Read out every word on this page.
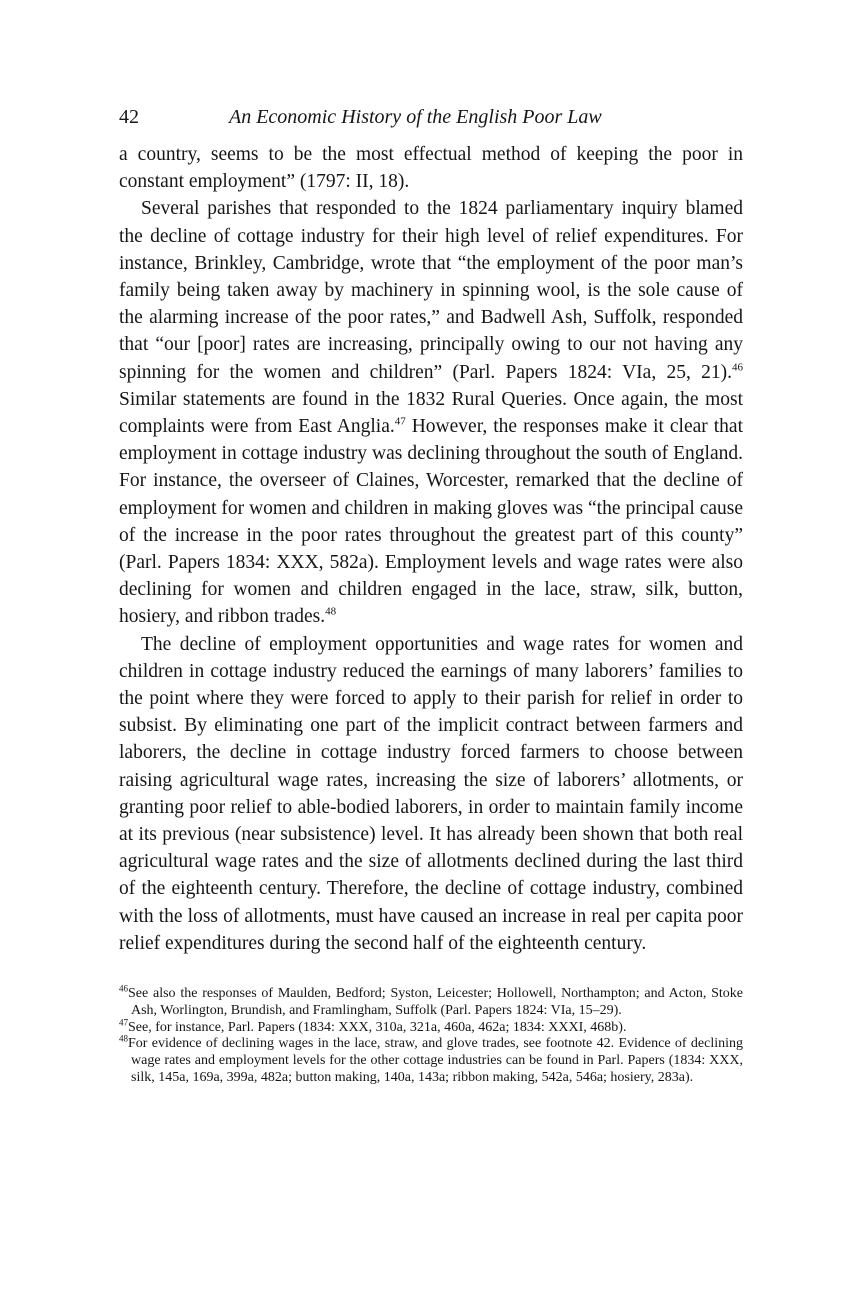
42	An Economic History of the English Poor Law

a country, seems to be the most effectual method of keeping the poor in constant employment” (1797: II, 18).

Several parishes that responded to the 1824 parliamentary inquiry blamed the decline of cottage industry for their high level of relief expenditures. For instance, Brinkley, Cambridge, wrote that “the employment of the poor man’s family being taken away by machinery in spinning wool, is the sole cause of the alarming increase of the poor rates,” and Badwell Ash, Suffolk, responded that “our [poor] rates are increasing, principally owing to our not having any spinning for the women and children” (Parl. Papers 1824: VIa, 25, 21).$^{46}$ Similar statements are found in the 1832 Rural Queries. Once again, the most complaints were from East Anglia.$^{47}$ However, the responses make it clear that employment in cottage industry was declining throughout the south of England. For instance, the overseer of Claines, Worcester, remarked that the decline of employment for women and children in making gloves was “the principal cause of the increase in the poor rates throughout the greatest part of this county” (Parl. Papers 1834: XXX, 582a). Employment levels and wage rates were also declining for women and children engaged in the lace, straw, silk, button, hosiery, and ribbon trades.$^{48}$

The decline of employment opportunities and wage rates for women and children in cottage industry reduced the earnings of many laborers’ families to the point where they were forced to apply to their parish for relief in order to subsist. By eliminating one part of the implicit contract between farmers and laborers, the decline in cottage industry forced farmers to choose between raising agricultural wage rates, increasing the size of laborers’ allotments, or granting poor relief to able-bodied laborers, in order to maintain family income at its previous (near subsistence) level. It has already been shown that both real agricultural wage rates and the size of allotments declined during the last third of the eighteenth century. Therefore, the decline of cottage industry, combined with the loss of allotments, must have caused an increase in real per capita poor relief expenditures during the second half of the eighteenth century.

$^{46}$See also the responses of Maulden, Bedford; Syston, Leicester; Hollowell, Northampton; and Acton, Stoke Ash, Worlington, Brundish, and Framlingham, Suffolk (Parl. Papers 1824: VIa, 15–29).

$^{47}$See, for instance, Parl. Papers (1834: XXX, 310a, 321a, 460a, 462a; 1834: XXXI, 468b).

$^{48}$For evidence of declining wages in the lace, straw, and glove trades, see footnote 42. Evidence of declining wage rates and employment levels for the other cottage industries can be found in Parl. Papers (1834: XXX, silk, 145a, 169a, 399a, 482a; button making, 140a, 143a; ribbon making, 542a, 546a; hosiery, 283a).
